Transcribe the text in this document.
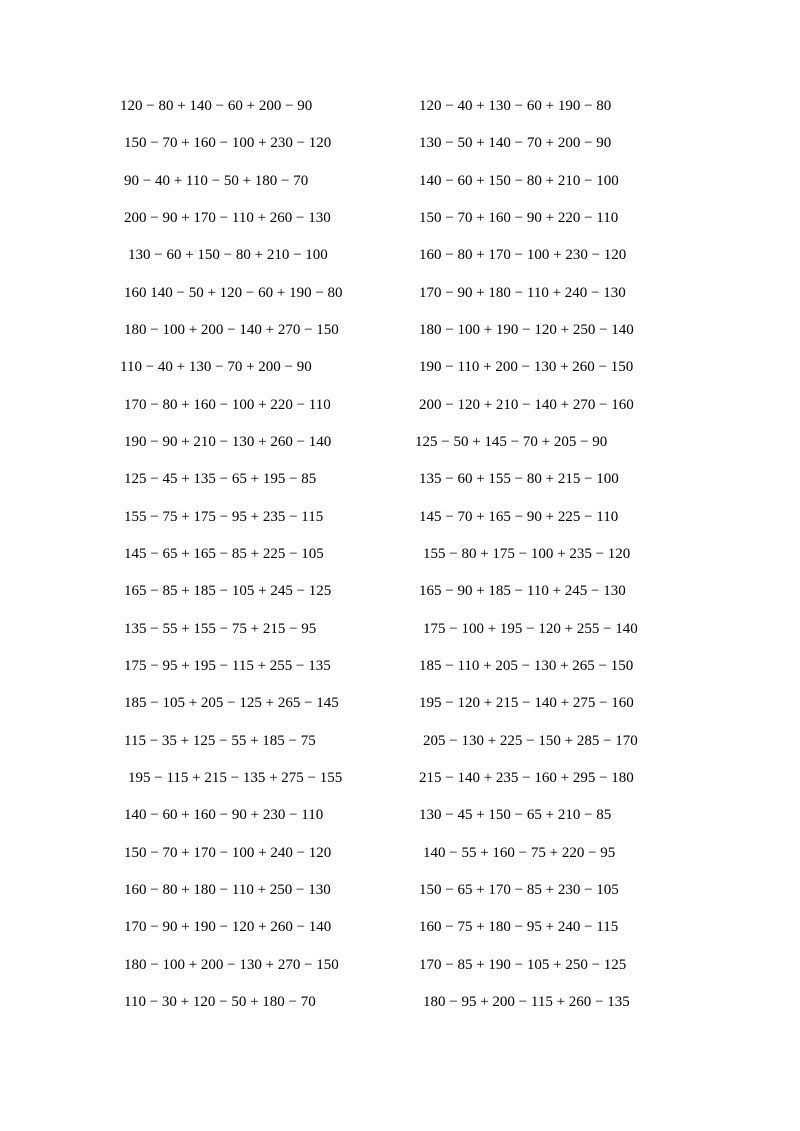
120 − 80 + 140 − 60 + 200 − 90
150 − 70 + 160 − 100 + 230 − 120
90 − 40 + 110 − 50 + 180 − 70
200 − 90 + 170 − 110 + 260 − 130
130 − 60 + 150 − 80 + 210 − 100
160 140 − 50 + 120 − 60 + 190 − 80
180 − 100 + 200 − 140 + 270 − 150
110 − 40 + 130 − 70 + 200 − 90
170 − 80 + 160 − 100 + 220 − 110
190 − 90 + 210 − 130 + 260 − 140
125 − 45 + 135 − 65 + 195 − 85
155 − 75 + 175 − 95 + 235 − 115
145 − 65 + 165 − 85 + 225 − 105
165 − 85 + 185 − 105 + 245 − 125
135 − 55 + 155 − 75 + 215 − 95
175 − 95 + 195 − 115 + 255 − 135
185 − 105 + 205 − 125 + 265 − 145
115 − 35 + 125 − 55 + 185 − 75
195 − 115 + 215 − 135 + 275 − 155
140 − 60 + 160 − 90 + 230 − 110
150 − 70 + 170 − 100 + 240 − 120
160 − 80 + 180 − 110 + 250 − 130
170 − 90 + 190 − 120 + 260 − 140
180 − 100 + 200 − 130 + 270 − 150
110 − 30 + 120 − 50 + 180 − 70
120 − 40 + 130 − 60 + 190 − 80
130 − 50 + 140 − 70 + 200 − 90
140 − 60 + 150 − 80 + 210 − 100
150 − 70 + 160 − 90 + 220 − 110
160 − 80 + 170 − 100 + 230 − 120
170 − 90 + 180 − 110 + 240 − 130
180 − 100 + 190 − 120 + 250 − 140
190 − 110 + 200 − 130 + 260 − 150
200 − 120 + 210 − 140 + 270 − 160
125 − 50 + 145 − 70 + 205 − 90
135 − 60 + 155 − 80 + 215 − 100
145 − 70 + 165 − 90 + 225 − 110
155 − 80 + 175 − 100 + 235 − 120
165 − 90 + 185 − 110 + 245 − 130
175 − 100 + 195 − 120 + 255 − 140
185 − 110 + 205 − 130 + 265 − 150
195 − 120 + 215 − 140 + 275 − 160
205 − 130 + 225 − 150 + 285 − 170
215 − 140 + 235 − 160 + 295 − 180
130 − 45 + 150 − 65 + 210 − 85
140 − 55 + 160 − 75 + 220 − 95
150 − 65 + 170 − 85 + 230 − 105
160 − 75 + 180 − 95 + 240 − 115
170 − 85 + 190 − 105 + 250 − 125
180 − 95 + 200 − 115 + 260 − 135
